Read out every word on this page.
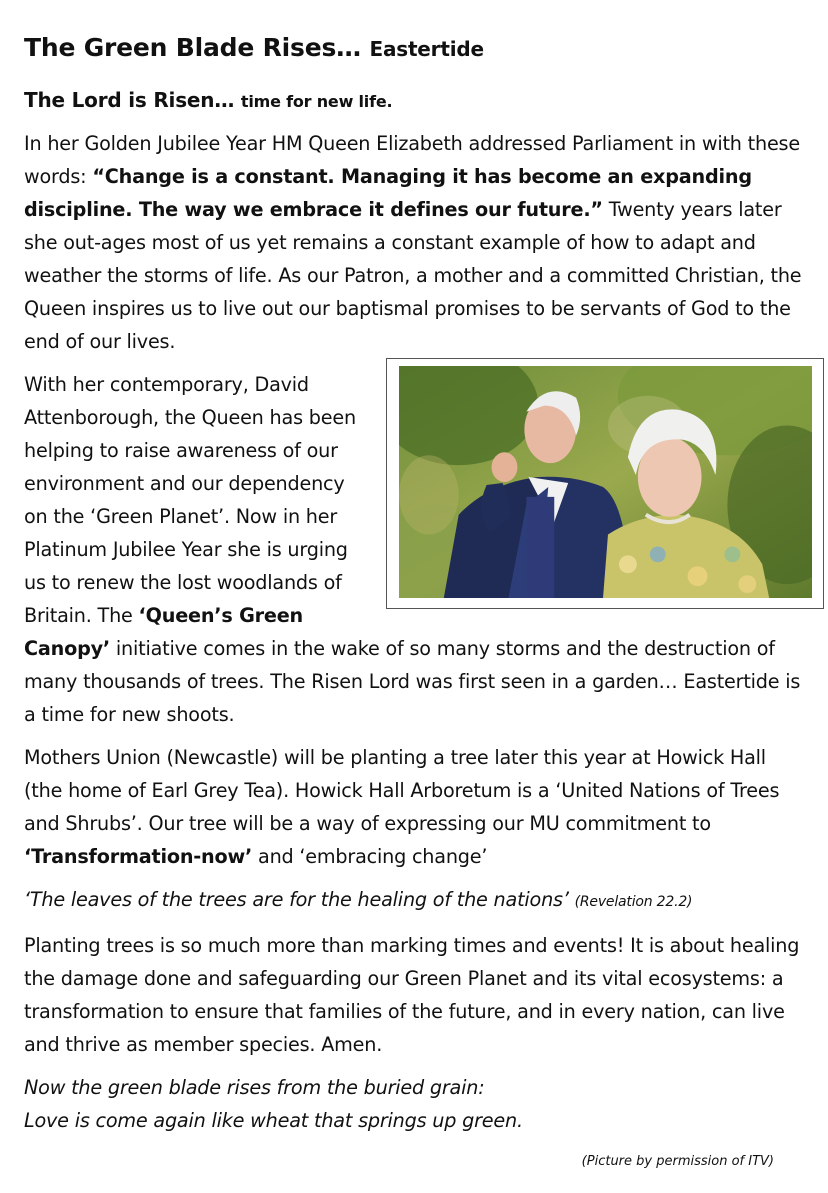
The Green Blade Rises… Eastertide
The Lord is Risen… time for new life.

In her Golden Jubilee Year HM Queen Elizabeth addressed Parliament in with these words: “Change is a constant. Managing it has become an expanding discipline. The way we embrace it defines our future.” Twenty years later she out-ages most of us yet remains a constant example of how to adapt and weather the storms of life. As our Patron, a mother and a committed Christian, the Queen inspires us to live out our baptismal promises to be servants of God to the end of our lives.

With her contemporary, David Attenborough, the Queen has been helping to raise awareness of our environment and our dependency on the ‘Green Planet’. Now in her Platinum Jubilee Year she is urging us to renew the lost woodlands of Britain. The ‘Queen’s Green Canopy’ initiative comes in the wake of so many storms and the destruction of many thousands of trees. The Risen Lord was first seen in a garden… Eastertide is a time for new shoots.

Mothers Union (Newcastle) will be planting a tree later this year at Howick Hall (the home of Earl Grey Tea). Howick Hall Arboretum is a ‘United Nations of Trees and Shrubs’. Our tree will be a way of expressing our MU commitment to ‘Transformation-now’ and ‘embracing change’

‘The leaves of the trees are for the healing of the nations’ (Revelation 22.2)

Planting trees is so much more than marking times and events! It is about healing the damage done and safeguarding our Green Planet and its vital ecosystems: a transformation to ensure that families of the future, and in every nation, can live and thrive as member species. Amen.

Now the green blade rises from the buried grain:

Love is come again like wheat that springs up green.

(Picture by permission of ITV)
